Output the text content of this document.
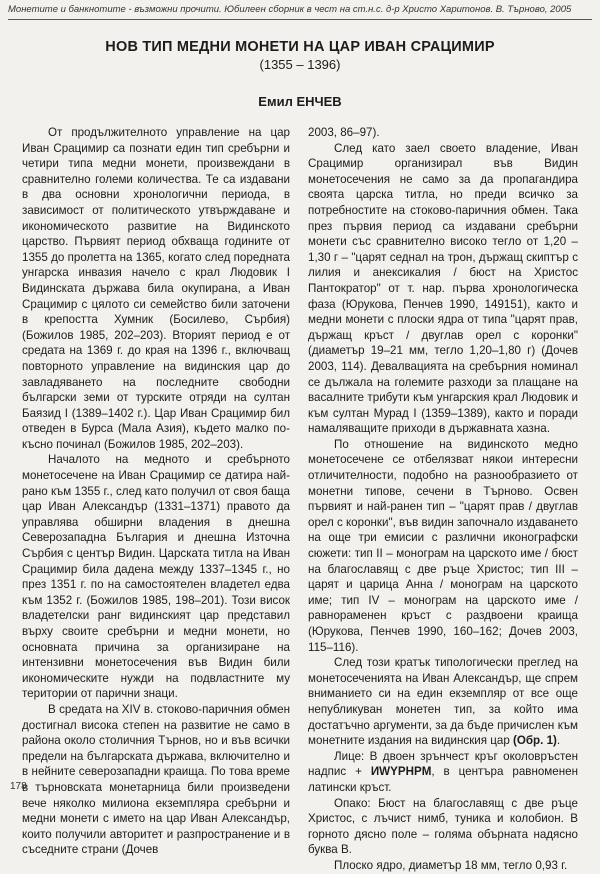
Монетите и банкнотите - възможни прочити. Юбилеен сборник в чест на ст.н.с. д-р Христо Харитонов. В. Търново, 2005
НОВ ТИП МЕДНИ МОНЕТИ НА ЦАР ИВАН СРАЦИМИР
(1355 – 1396)
Емил ЕНЧЕВ

От продължителното управление на цар Иван Срацимир са познати един тип сребърни и четири типа медни монети, произвеждани в сравнително големи количества. Те са издавани в два основни хронологични периода, в зависимост от политическото утвърждаване и икономическото развитие на Видинското царство. Първият период обхваща годините от 1355 до пролетта на 1365, когато след поредната унгарска инвазия начело с крал Людовик I Видинската държава била окупирана, а Иван Срацимир с цялото си семейство били заточени в крепостта Хумник (Босилево, Сърбия) (Божилов 1985, 202–203). Вторият период е от средата на 1369 г. до края на 1396 г., включващ повторното управление на видинския цар до завладяването на последните свободни български земи от турските отряди на султан Баязид I (1389–1402 г.). Цар Иван Срацимир бил отведен в Бурса (Мала Азия), където малко по-късно починал (Божилов 1985, 202–203).

Началото на медното и сребърното монетосечене на Иван Срацимир се датира най-рано към 1355 г., след като получил от своя баща цар Иван Александър (1331–1371) правото да управлява обширни владения в днешна Северозападна България и днешна Източна Сърбия с център Видин. Царската титла на Иван Срацимир била дадена между 1337–1345 г., но през 1351 г. по на самостоятелен владетел едва към 1352 г. (Божилов 1985, 198–201). Този висок владетелски ранг видинският цар представил върху своите сребърни и медни монети, но основната причина за организиране на интензивни монетосечения във Видин били икономическите нужди на подвластните му територии от парични знаци.

В средата на XIV в. стоково-паричния обмен достигнал висока степен на развитие не само в района около столичния Търнов, но и във всички предели на българската държава, включително и в нейните северозападни краища. По това време в търновската монетарница били произведени вече няколко милиона екземпляра сребърни и медни монети с името на цар Иван Александър, които получили авторитет и разпространение и в съседните страни (Дочев

2003, 86–97).

След като заел своето владение, Иван Срацимир организирал във Видин монетосечения не само за да пропагандира своята царска титла, но преди всичко за потребностите на стоково-паричния обмен. Така през първия период са издавани сребърни монети със сравнително високо тегло от 1,20 – 1,30 г – "царят седнал на трон, държащ скиптър с лилия и анексикалия / бюст на Христос Пантократор" от т. нар. първа хронологическа фаза (Юрукова, Пенчев 1990, 149151), както и медни монети с плоски ядра от типа "царят прав, държащ кръст / двуглав орел с коронки" (диаметър 19–21 мм, тегло 1,20–1,80 г) (Дочев 2003, 114). Девалвацията на сребърния номинал се дължала на големите разходи за плащане на васалните трибути към унгарския крал Людовик и към султан Мурад I (1359–1389), както и поради намаляващите приходи в държавната хазна.

По отношение на видинското медно монетосечене се отбелязват някои интересни отличителности, подобно на разнообразието от монетни типове, сечени в Търново. Освен първият и най-ранен тип – "царят прав / двуглав орел с коронки", във видин започнало издаването на още три емисии с различни иконографски сюжети: тип II – монограм на царското име / бюст на благославящ с две ръце Христос; тип III – царят и царица Анна / монограм на царското име; тип IV – монограм на царското име / равнораменен кръст с раздвоени краища (Юрукова, Пенчев 1990, 160–162; Дочев 2003, 115–116).

След този кратък типологически преглед на монетосеченията на Иван Александър, ще спрем вниманието си на един екземпляр от все още непубликуван монетен тип, за който има достатъчно аргументи, за да бъде причислен към монетните издания на видинския цар (Обр. 1).

Лице: В двоен зрънчест кръг околовръстен надпис + ИWYPHPM, в центъра равноменен латински кръст.

Опако: Бюст на благославящ с две ръце Христос, с лъчист нимб, туника и колобион. В горното дясно поле – голяма обърната надясно буква В.

Плоско ядро, диаметър 18 мм, тегло 0,93 г.

178
